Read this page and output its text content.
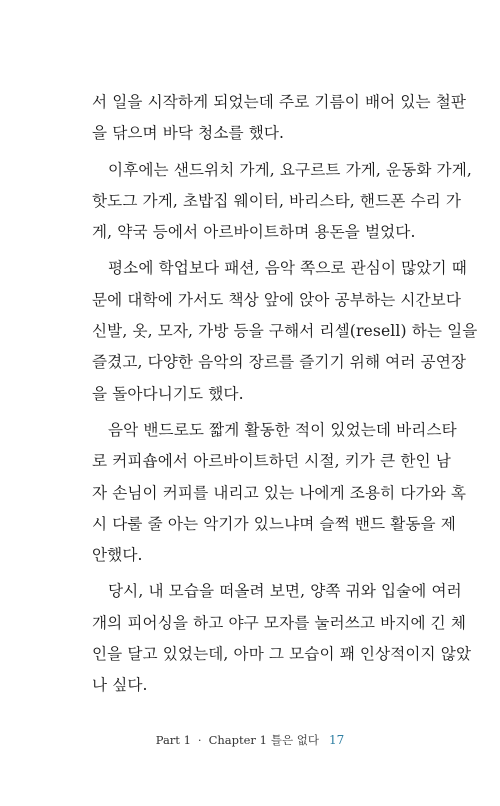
서 일을 시작하게 되었는데 주로 기름이 배어 있는 철판
을 닦으며 바닥 청소를 했다.

이후에는 샌드위치 가게, 요구르트 가게, 운동화 가게,
핫도그 가게, 초밥집 웨이터, 바리스타, 핸드폰 수리 가
게, 약국 등에서 아르바이트하며 용돈을 벌었다.

평소에 학업보다 패션, 음악 쪽으로 관심이 많았기 때
문에 대학에 가서도 책상 앞에 앉아 공부하는 시간보다
신발, 옷, 모자, 가방 등을 구해서 리셀(resell) 하는 일을
즐겼고, 다양한 음악의 장르를 즐기기 위해 여러 공연장
을 돌아다니기도 했다.

음악 밴드로도 짧게 활동한 적이 있었는데 바리스타
로 커피숍에서 아르바이트하던 시절, 키가 큰 한인 남
자 손님이 커피를 내리고 있는 나에게 조용히 다가와 혹
시 다룰 줄 아는 악기가 있느냐며 슬쩍 밴드 활동을 제
안했다.

당시, 내 모습을 떠올려 보면, 양쪽 귀와 입술에 여러
개의 피어싱을 하고 야구 모자를 눌러쓰고 바지에 긴 체
인을 달고 있었는데, 아마 그 모습이 꽤 인상적이지 않았
나 싶다.

Part 1 · Chapter 1 틀은 없다 17
